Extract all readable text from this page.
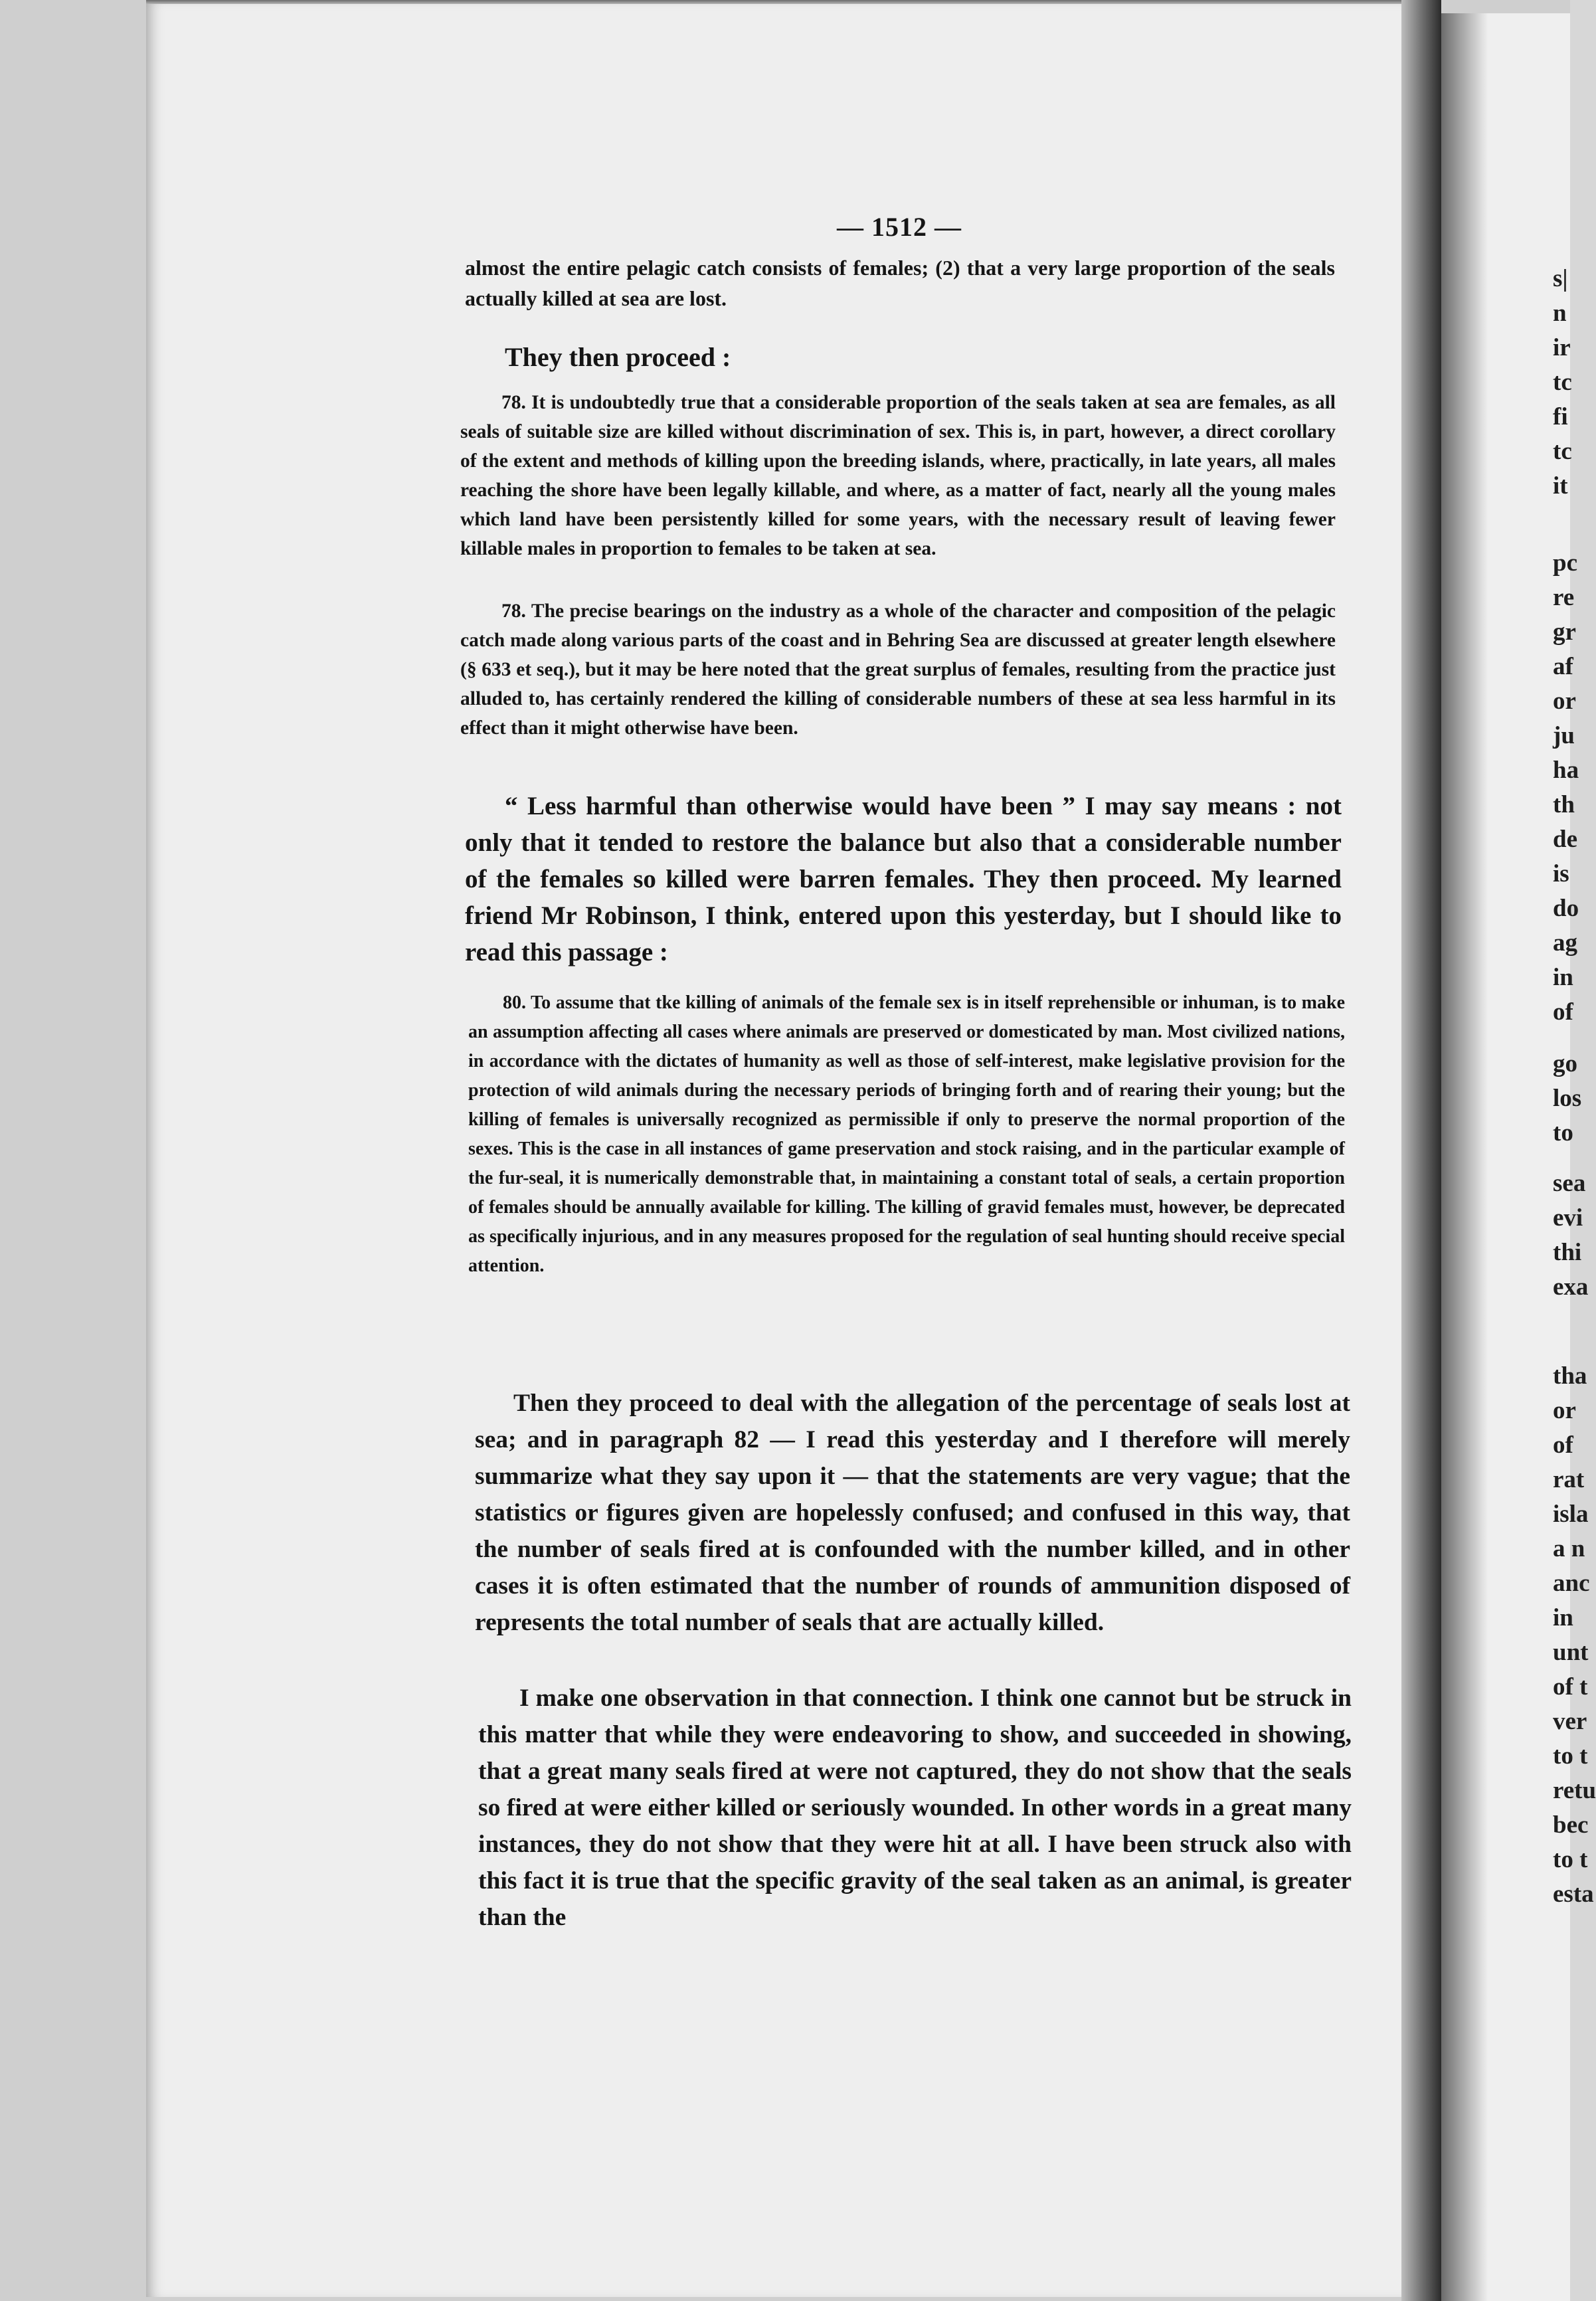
— 1512 —

almost the entire pelagic catch consists of females; (2) that a very large proportion of the seals actually killed at sea are lost.

They then proceed :

78. It is undoubtedly true that a considerable proportion of the seals taken at sea are females, as all seals of suitable size are killed without discrimination of sex. This is, in part, however, a direct corollary of the extent and methods of killing upon the breeding islands, where, practically, in late years, all males reaching the shore have been legally killable, and where, as a matter of fact, nearly all the young males which land have been persistently killed for some years, with the necessary result of leaving fewer killable males in proportion to females to be taken at sea.

78. The precise bearings on the industry as a whole of the character and composition of the pelagic catch made along various parts of the coast and in Behring Sea are discussed at greater length elsewhere (§ 633 et seq.), but it may be here noted that the great surplus of females, resulting from the practice just alluded to, has certainly rendered the killing of considerable numbers of these at sea less harmful in its effect than it might otherwise have been.

“ Less harmful than otherwise would have been ” I may say means : not only that it tended to restore the balance but also that a considerable number of the females so killed were barren females. They then proceed. My learned friend Mr Robinson, I think, entered upon this yesterday, but I should like to read this passage :

80. To assume that tke killing of animals of the female sex is in itself reprehensible or inhuman, is to make an assumption affecting all cases where animals are preserved or domesticated by man. Most civilized nations, in accordance with the dictates of humanity as well as those of self-interest, make legislative provision for the protection of wild animals during the necessary periods of bringing forth and of rearing their young; but the killing of females is universally recognized as permissible if only to preserve the normal proportion of the sexes. This is the case in all instances of game preservation and stock raising, and in the particular example of the fur-seal, it is numerically demonstrable that, in maintaining a constant total of seals, a certain proportion of females should be annually available for killing. The killing of gravid females must, however, be deprecated as specifically injurious, and in any measures proposed for the regulation of seal hunting should receive special attention.

Then they proceed to deal with the allegation of the percentage of seals lost at sea; and in paragraph 82 — I read this yesterday and I therefore will merely summarize what they say upon it — that the statements are very vague; that the statistics or figures given are hopelessly confused; and confused in this way, that the number of seals fired at is confounded with the number killed, and in other cases it is often estimated that the number of rounds of ammunition disposed of represents the total number of seals that are actually killed.

I make one observation in that connection. I think one cannot but be struck in this matter that while they were endeavoring to show, and succeeded in showing, that a great many seals fired at were not captured, they do not show that the seals so fired at were either killed or seriously wounded. In other words in a great many instances, they do not show that they were hit at all. I have been struck also with this fact it is true that the specific gravity of the seal taken as an animal, is greater than the

s|
n
ir
tc
fi
tc
it
pc
re
gr
af
or
ju
ha
th
de
is
do
ag
in
of
go
los
to
sea
evi
thi
exa
tha
or
of
rat
isla
a n
anc
in
unt
of t
ver
to t
retu
bec
to t
esta
